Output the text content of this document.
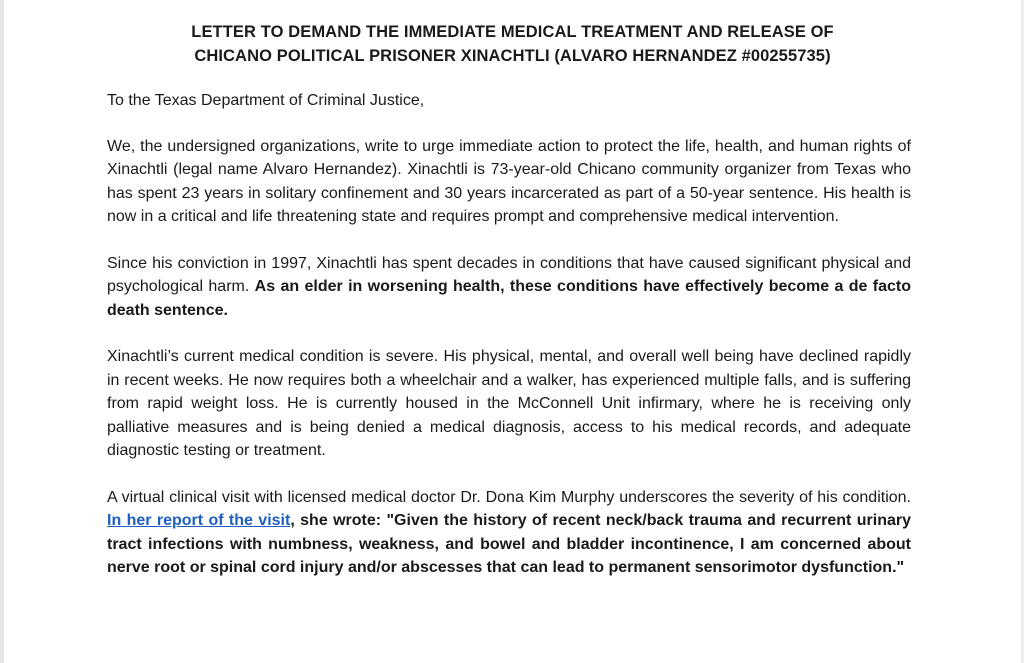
LETTER TO DEMAND THE IMMEDIATE MEDICAL TREATMENT AND RELEASE OF
CHICANO POLITICAL PRISONER XINACHTLI (ALVARO HERNANDEZ #00255735)

To the Texas Department of Criminal Justice,

We, the undersigned organizations, write to urge immediate action to protect the life, health, and human rights of Xinachtli (legal name Alvaro Hernandez). Xinachtli is 73-year-old Chicano community organizer from Texas who has spent 23 years in solitary confinement and 30 years incarcerated as part of a 50-year sentence. His health is now in a critical and life threatening state and requires prompt and comprehensive medical intervention.

Since his conviction in 1997, Xinachtli has spent decades in conditions that have caused significant physical and psychological harm. As an elder in worsening health, these conditions have effectively become a de facto death sentence.

Xinachtli’s current medical condition is severe. His physical, mental, and overall well being have declined rapidly in recent weeks. He now requires both a wheelchair and a walker, has experienced multiple falls, and is suffering from rapid weight loss. He is currently housed in the McConnell Unit infirmary, where he is receiving only palliative measures and is being denied a medical diagnosis, access to his medical records, and adequate diagnostic testing or treatment.

A virtual clinical visit with licensed medical doctor Dr. Dona Kim Murphy underscores the severity of his condition. In her report of the visit, she wrote: "Given the history of recent neck/back trauma and recurrent urinary tract infections with numbness, weakness, and bowel and bladder incontinence, I am concerned about nerve root or spinal cord injury and/or abscesses that can lead to permanent sensorimotor dysfunction."
